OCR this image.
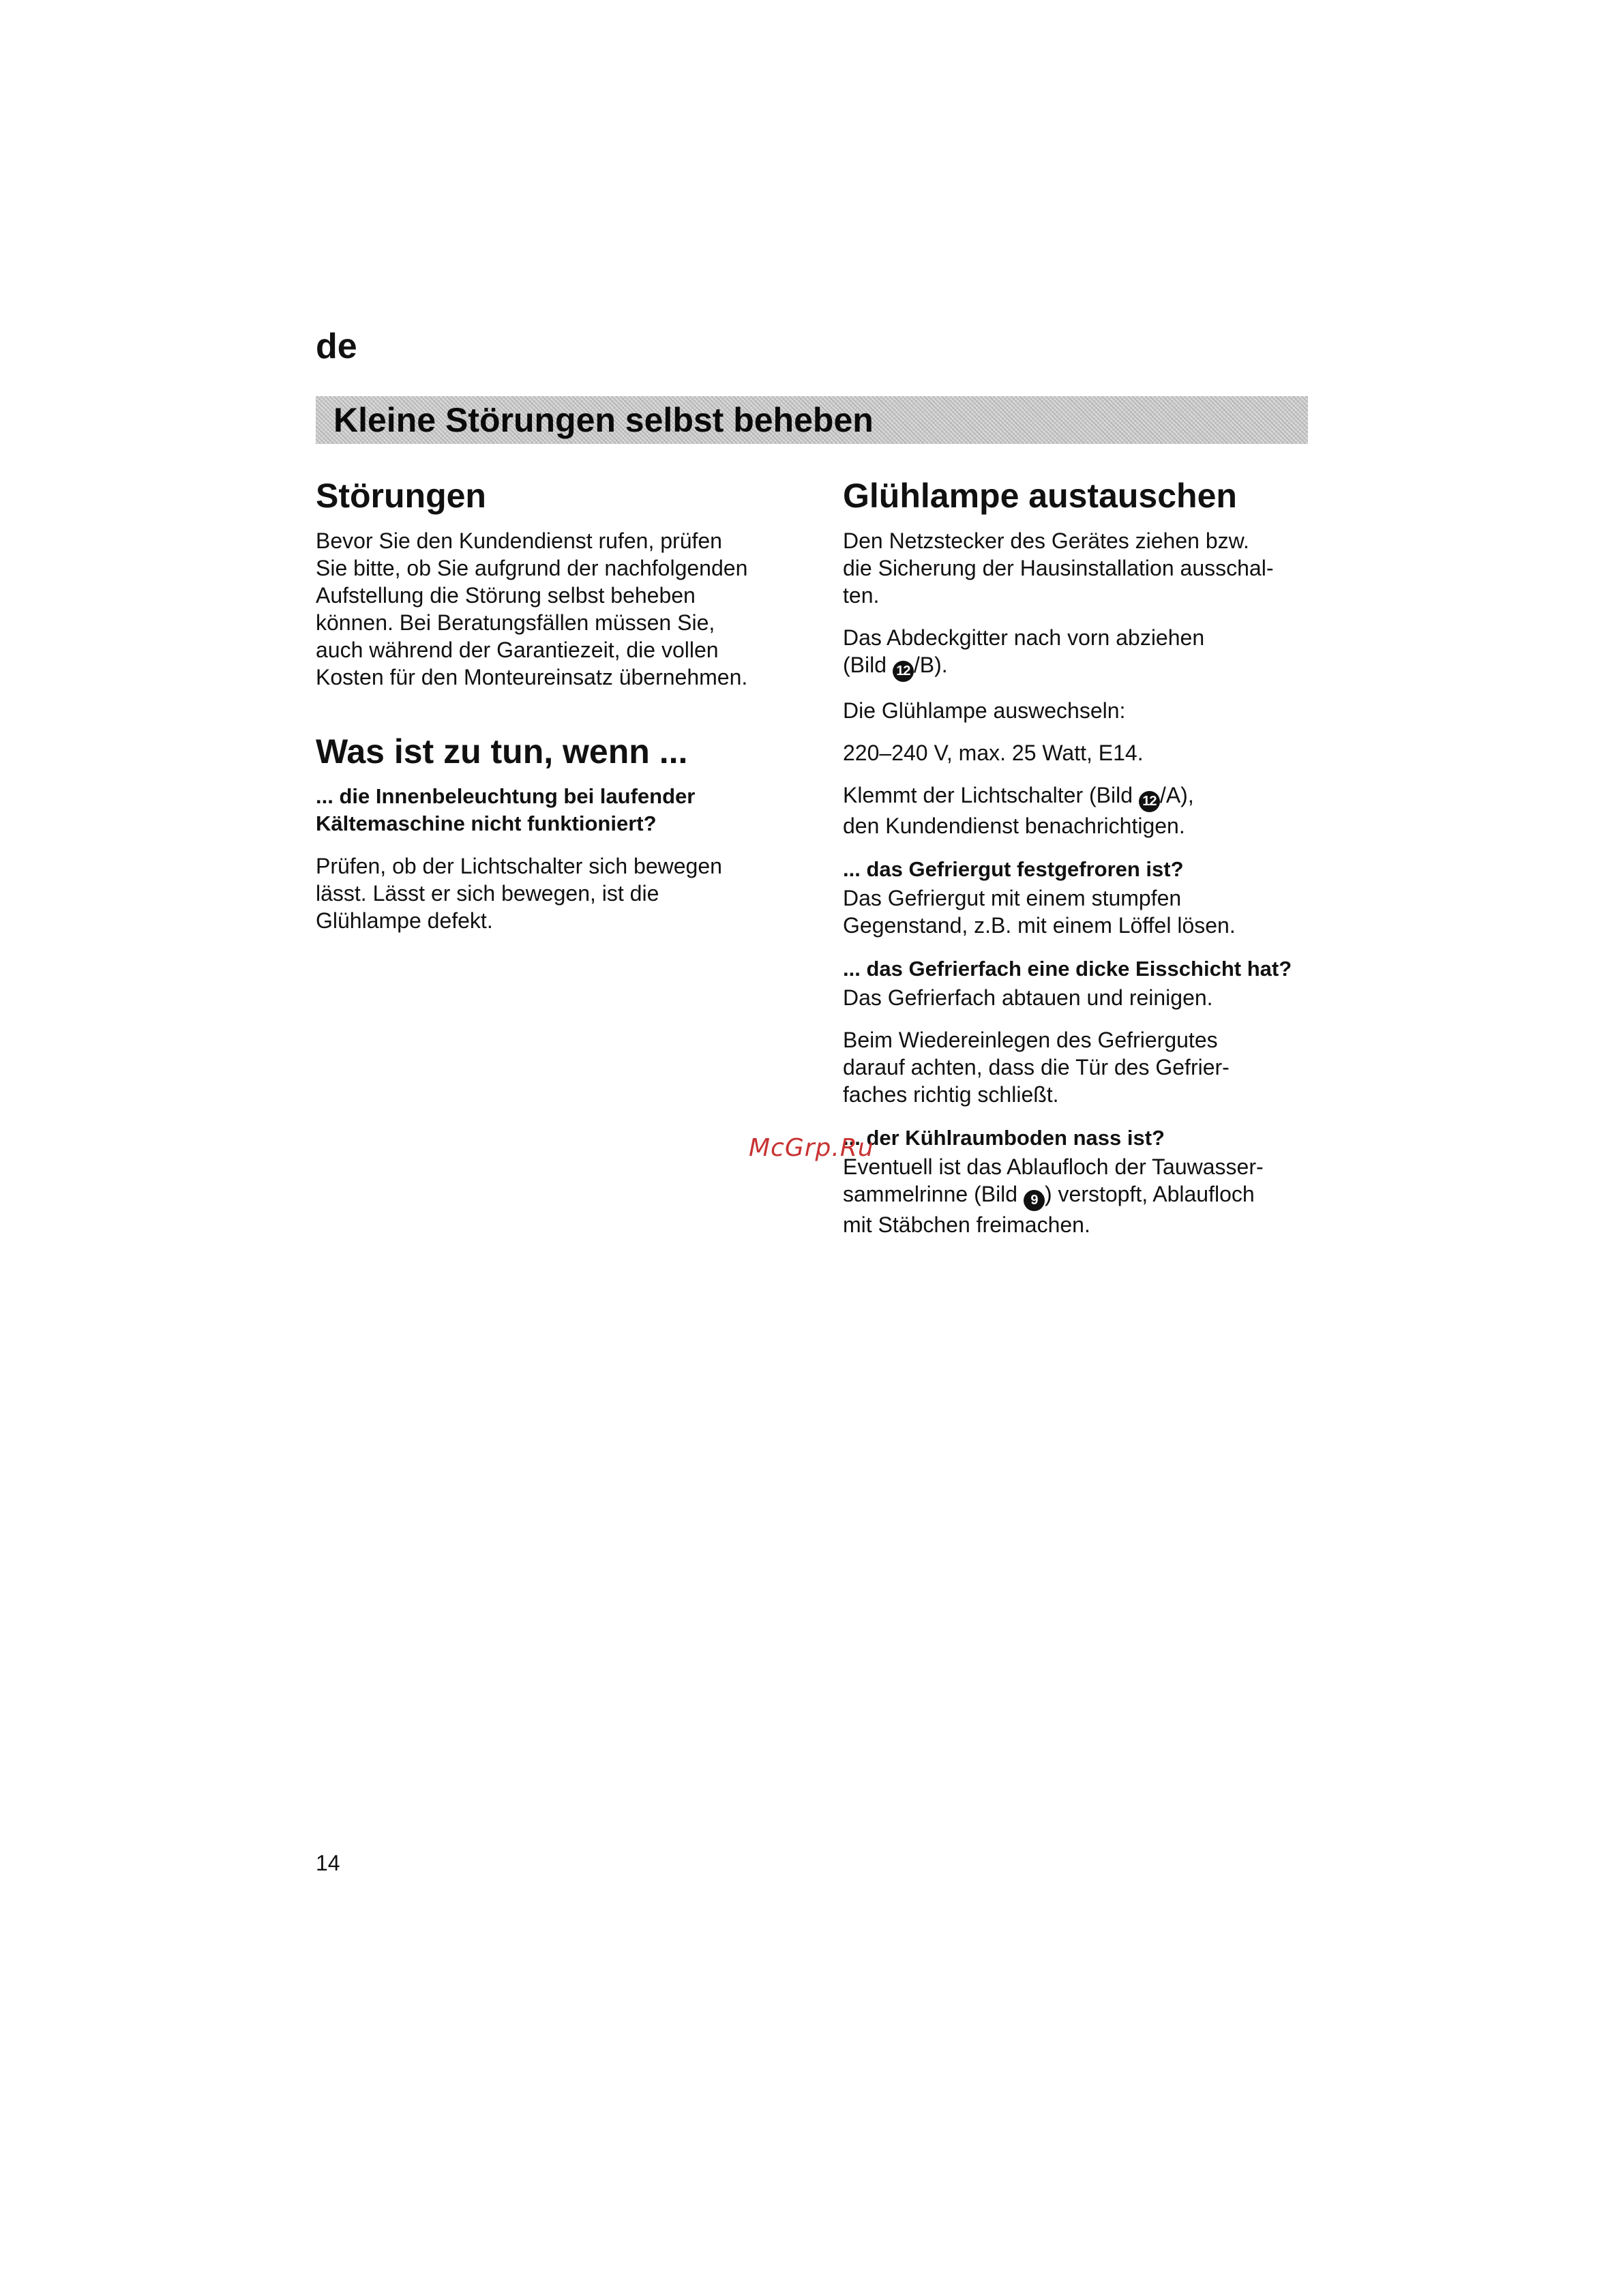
de
Kleine Störungen selbst beheben
Störungen

Bevor Sie den Kundendienst rufen, prüfen

Sie bitte, ob Sie aufgrund der nachfolgenden

Aufstellung die Störung selbst beheben

können. Bei Beratungsfällen müssen Sie,

auch während der Garantiezeit, die vollen

Kosten für den Monteureinsatz übernehmen.

Was ist zu tun, wenn ...

... die Innenbeleuchtung bei laufender

Kältemaschine nicht funktioniert?

Prüfen, ob der Lichtschalter sich bewegen

lässt. Lässt er sich bewegen, ist die

Glühlampe defekt.

Glühlampe austauschen

Den Netzstecker des Gerätes ziehen bzw.

die Sicherung der Hausinstallation ausschal-

ten.

Das Abdeckgitter nach vorn abziehen

(Bild 12 /B).

Die Glühlampe auswechseln:

220–240 V, max. 25 Watt, E14.

Klemmt der Lichtschalter (Bild 12 /A),

den Kundendienst benachrichtigen.

... das Gefriergut festgefroren ist?

Das Gefriergut mit einem stumpfen

Gegenstand, z.B. mit einem Löffel lösen.

... das Gefrierfach eine dicke Eisschicht hat?

Das Gefrierfach abtauen und reinigen.

Beim Wiedereinlegen des Gefriergutes

darauf achten, dass die Tür des Gefrier-

faches richtig schließt.

... der Kühlraumboden nass ist?

Eventuell ist das Ablaufloch der Tauwasser-

sammelrinne (Bild 9 ) verstopft, Ablaufloch

mit Stäbchen freimachen.

McGrp.Ru
14
